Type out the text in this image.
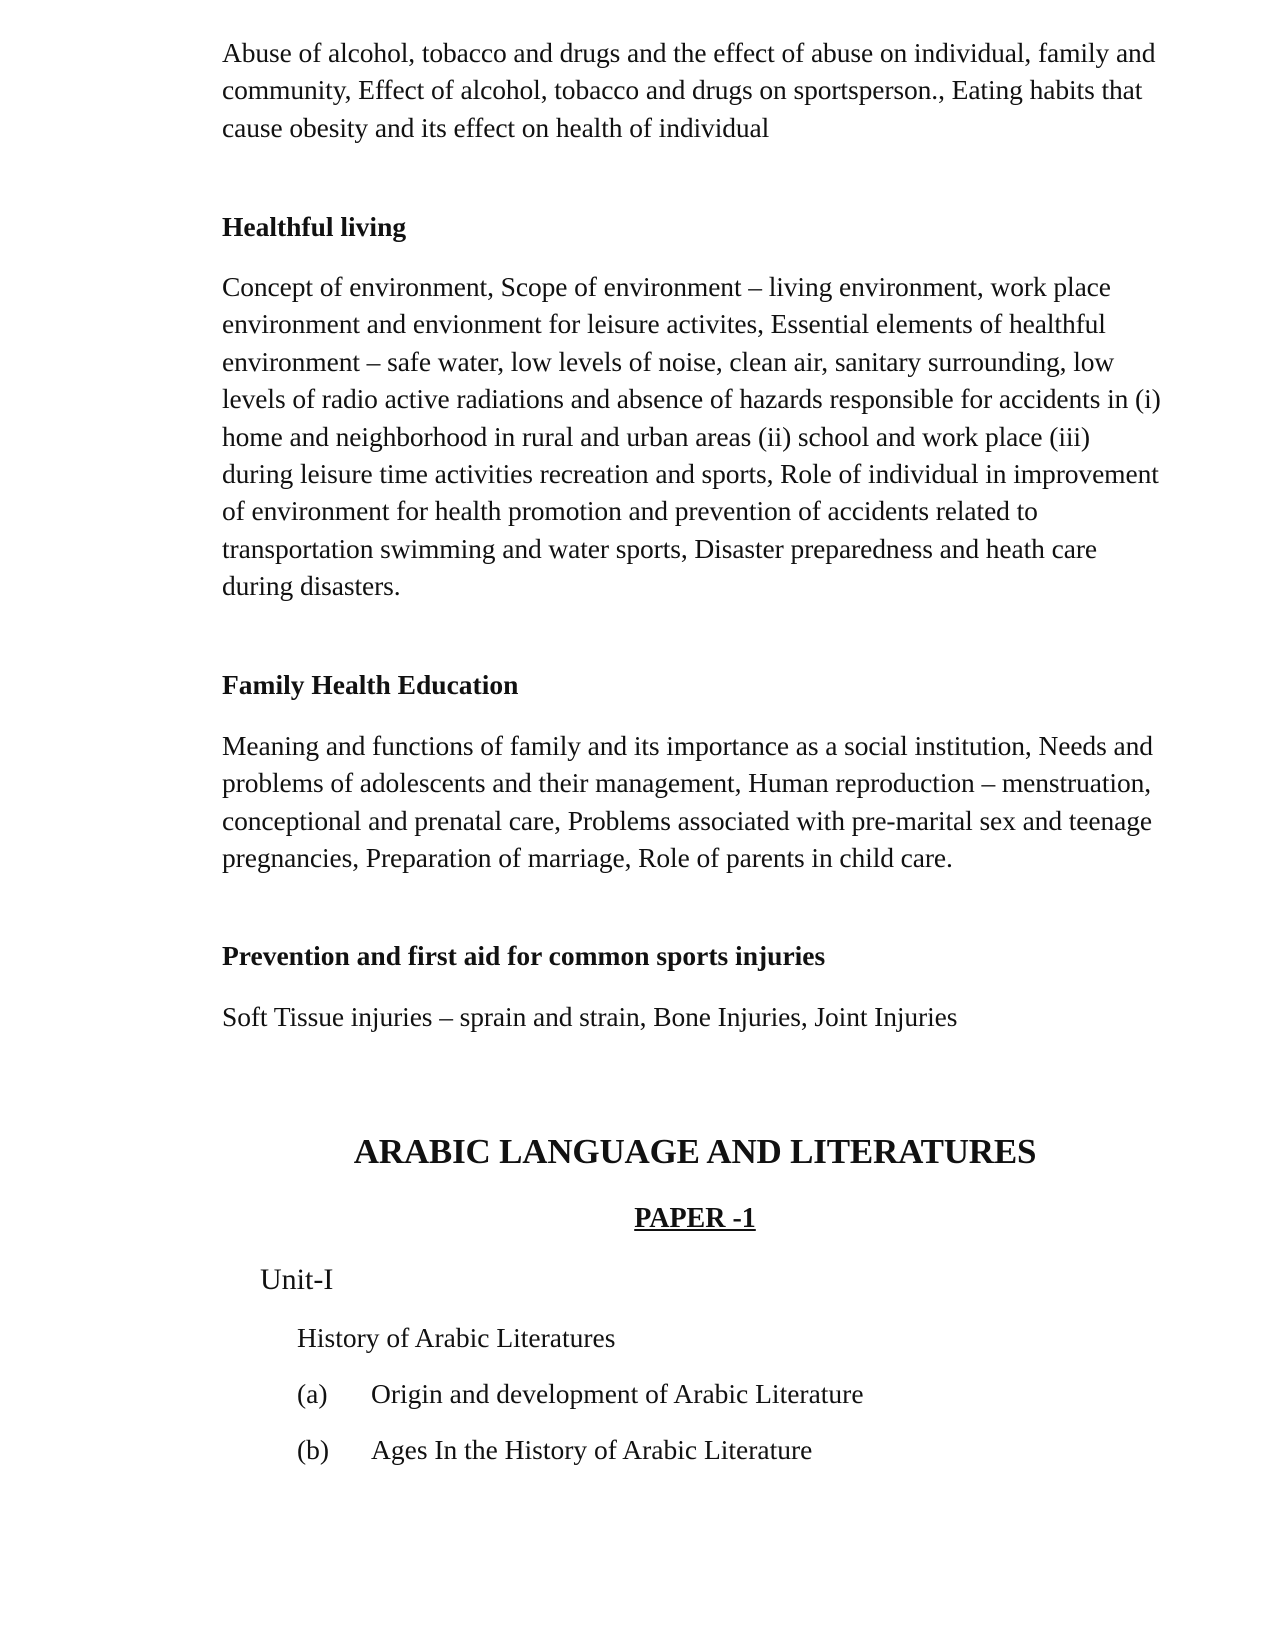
Abuse of alcohol, tobacco and drugs and the effect of abuse on individual, family and community, Effect of alcohol, tobacco and drugs on sportsperson., Eating habits that cause obesity and its effect on health of individual

Healthful living

Concept of environment, Scope of environment – living environment, work place environment and envionment for leisure activites, Essential elements of healthful environment – safe water, low levels of noise, clean air, sanitary surrounding, low levels of radio active radiations and absence of hazards responsible for accidents in (i) home and neighborhood in rural and urban areas (ii) school and work place (iii) during leisure time activities recreation and sports, Role of individual in improvement of environment for health promotion and prevention of accidents related to transportation swimming and water sports, Disaster preparedness and heath care during disasters.

Family Health Education

Meaning and functions of family and its importance as a social institution, Needs and problems of adolescents and their management, Human reproduction – menstruation, conceptional and prenatal care, Problems associated with pre-marital sex and teenage pregnancies, Preparation of marriage, Role of parents in child care.

Prevention and first aid for common sports injuries

Soft Tissue injuries – sprain and strain, Bone Injuries, Joint Injuries

ARABIC LANGUAGE AND LITERATURES
PAPER -1
Unit-I
History of Arabic Literatures
(a)	Origin and development of Arabic Literature
(b)	Ages In the History of Arabic Literature
